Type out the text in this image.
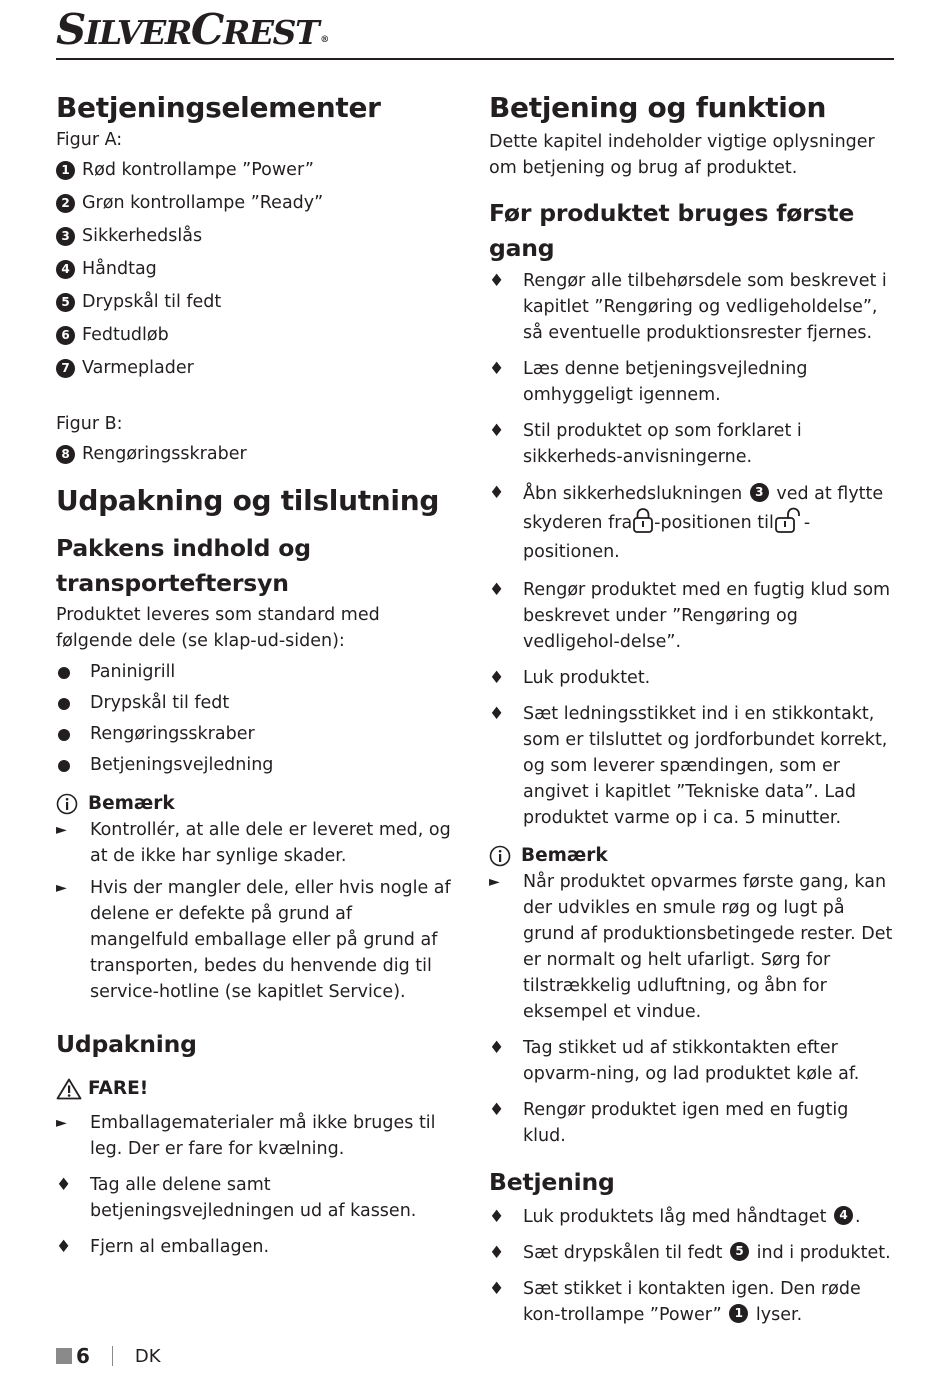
SILVERCREST ®
Betjeningselementer

Figur A:

1 Rød kontrollampe ”Power”
2 Grøn kontrollampe ”Ready”
3 Sikkerhedslås
4 Håndtag
5 Drypskål til fedt
6 Fedtudløb
7 Varmeplader

Figur B:

8 Rengøringsskraber
Udpakning og tilslutning
Pakkens indhold og transporteftersyn

Produktet leveres som standard med følgende dele (se klap-ud-siden):

Paninigrill
Drypskål til fedt
Rengøringsskraber
Betjeningsvejledning
Bemærk
►	Kontrollér, at alle dele er leveret med, og at de ikke har synlige skader.
►	Hvis der mangler dele, eller hvis nogle af delene er defekte på grund af mangelfuld emballage eller på grund af transporten, bedes du henvende dig til service-hotline (se kapitlet Service).
Udpakning
FARE!
►	Emballagematerialer må ikke bruges til leg. Der er fare for kvælning.
♦	Tag alle delene samt betjeningsvejledningen ud af kassen.
♦	Fjern al emballagen.
Betjening og funktion

Dette kapitel indeholder vigtige oplysninger om betjening og brug af produktet.

Før produktet bruges første gang
♦	Rengør alle tilbehørsdele som beskrevet i kapitlet ”Rengøring og vedligeholdelse”, så eventuelle produktionsrester fjernes.
♦	Læs denne betjeningsvejledning omhyggeligt igennem.
♦	Stil produktet op som forklaret i sikkerheds-anvisningerne.
♦	Åbn sikkerhedslukningen 3 ved at flytte skyderen fra -positionen til -positionen.
♦	Rengør produktet med en fugtig klud som beskrevet under ”Rengøring og vedligehol-delse”.
♦	Luk produktet.
♦	Sæt ledningsstikket ind i en stikkontakt, som er tilsluttet og jordforbundet korrekt, og som leverer spændingen, som er angivet i kapitlet ”Tekniske data”. Lad produktet varme op i ca. 5 minutter.
Bemærk
►	Når produktet opvarmes første gang, kan der udvikles en smule røg og lugt på grund af produktionsbetingede rester. Det er normalt og helt ufarligt. Sørg for tilstrækkelig udluftning, og åbn for eksempel et vindue.
♦	Tag stikket ud af stikkontakten efter opvarm-ning, og lad produktet køle af.
♦	Rengør produktet igen med en fugtig klud.
Betjening
♦	Luk produktets låg med håndtaget 4 .
♦	Sæt drypskålen til fedt 5 ind i produktet.
♦	Sæt stikket i kontakten igen. Den røde kon-trollampe ”Power” 1 lyser.
6	DK
